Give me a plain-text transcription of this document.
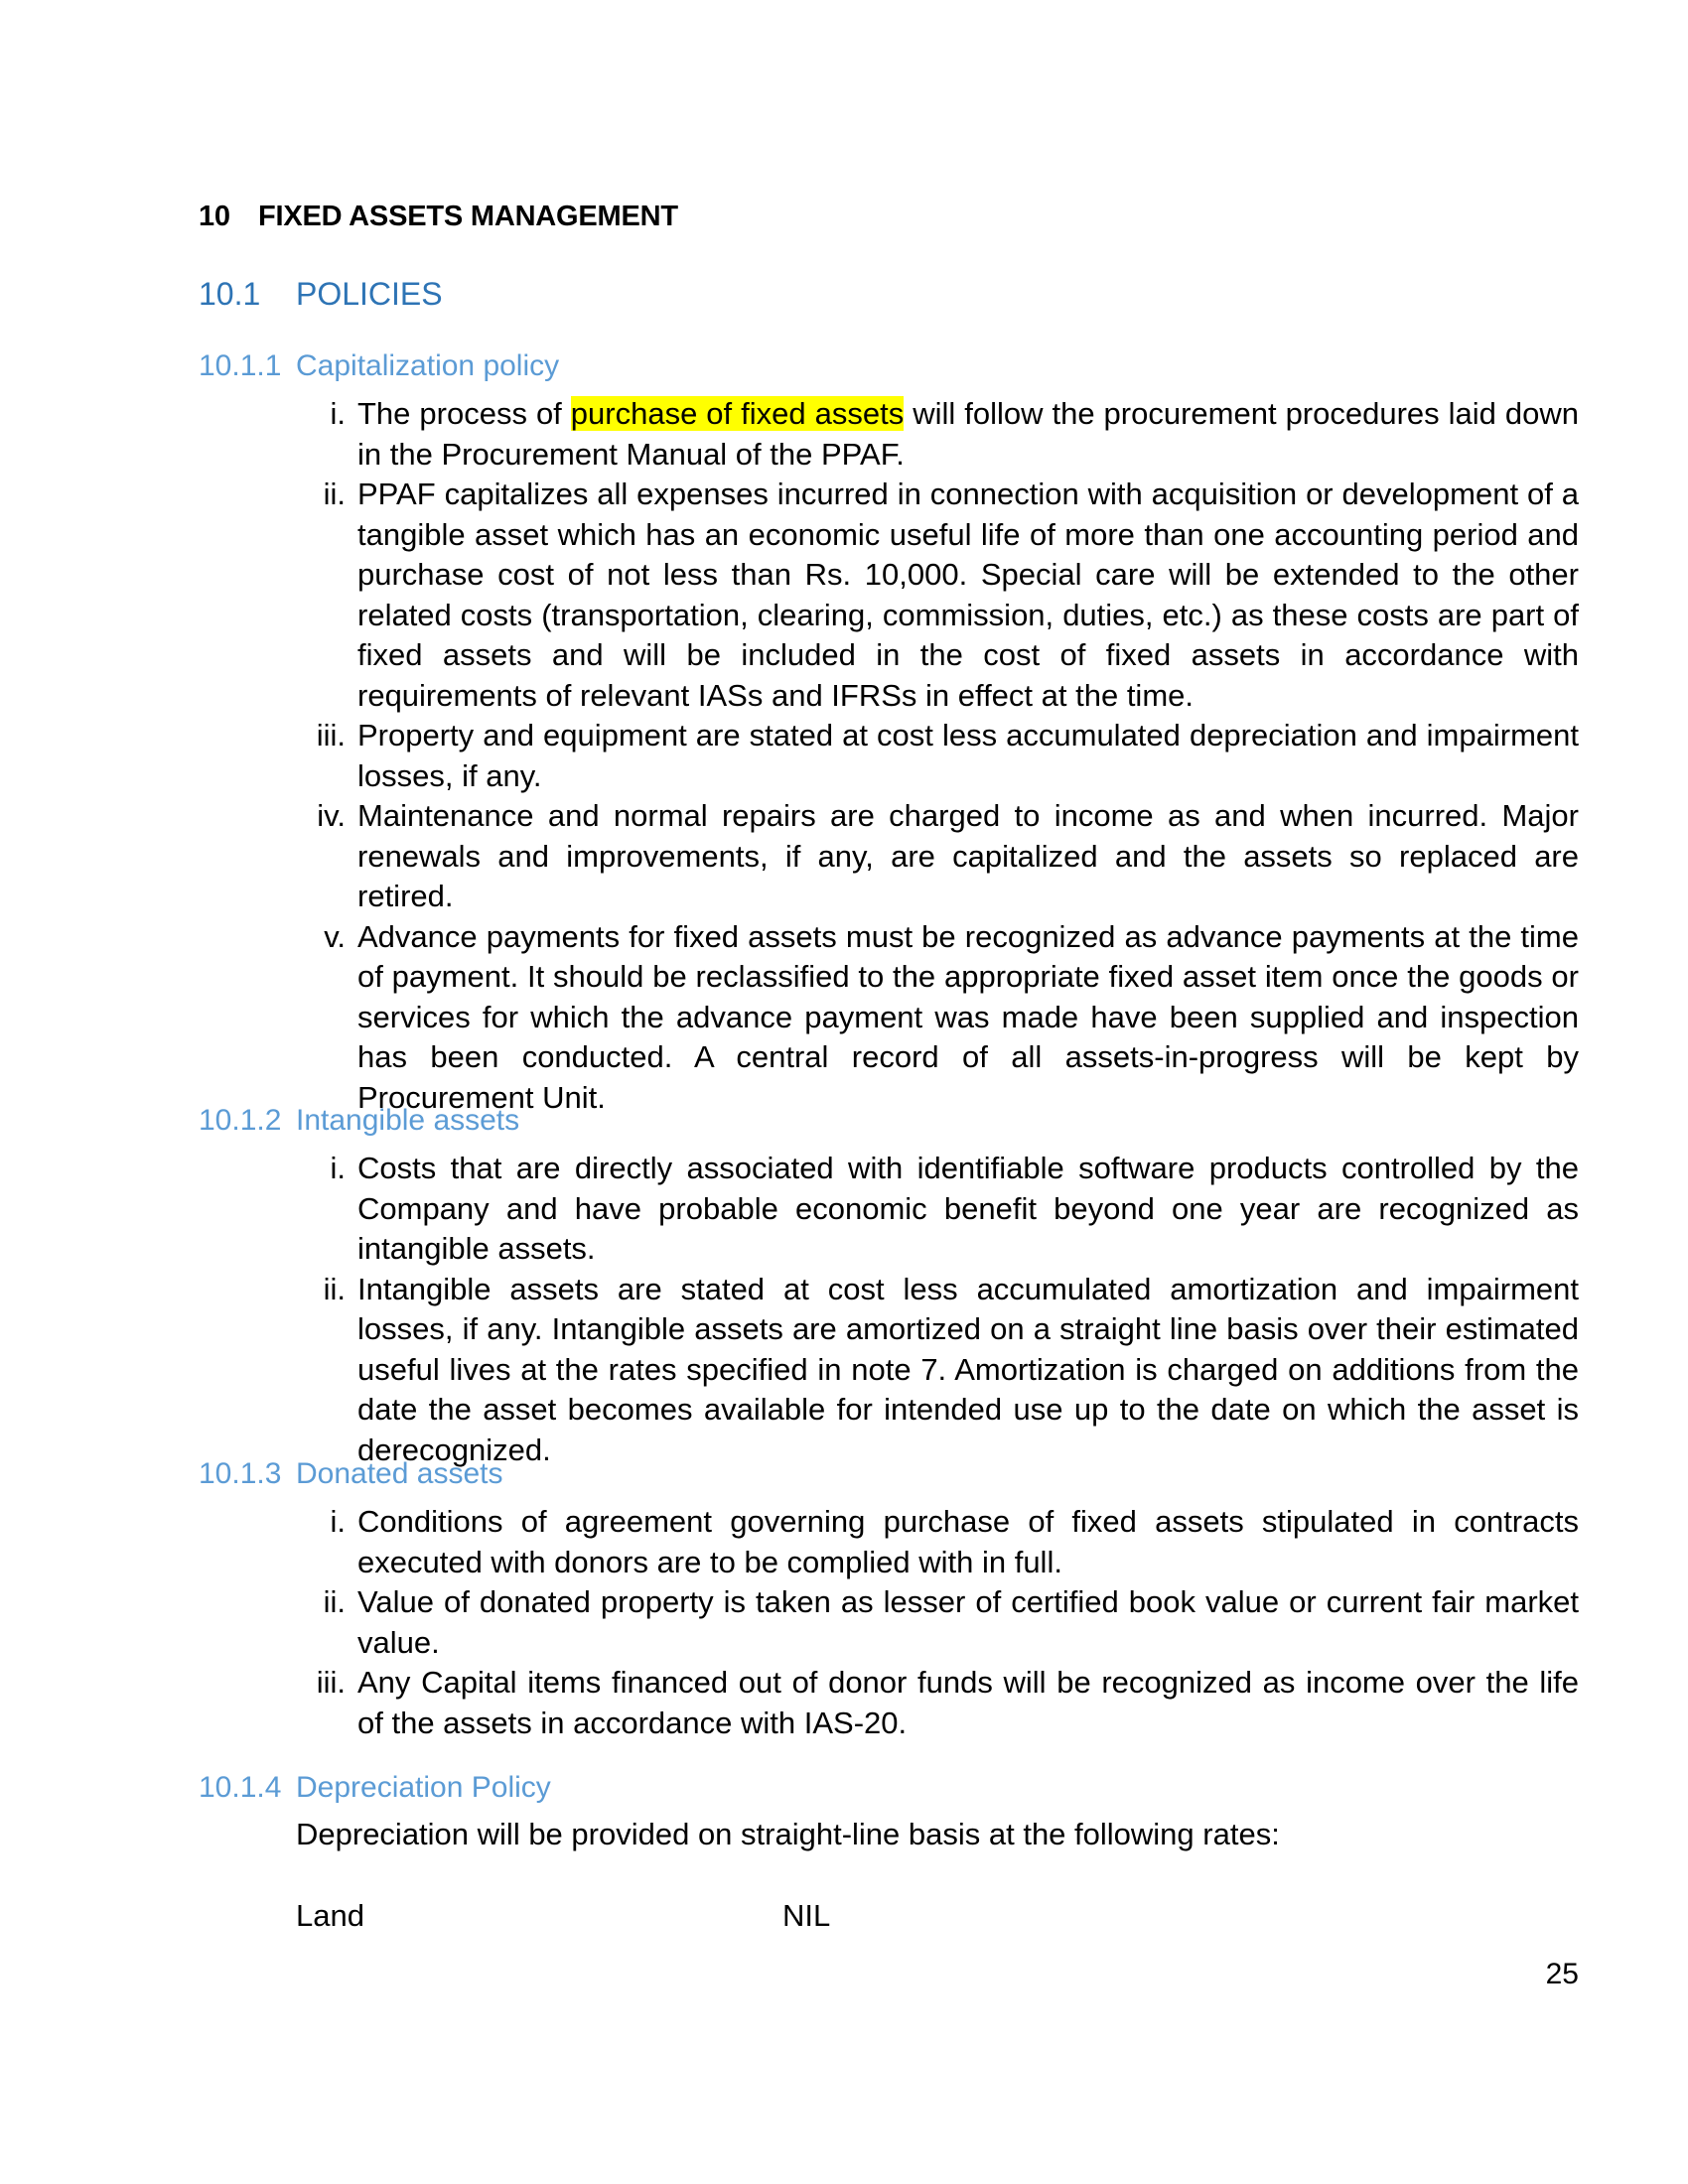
10 FIXED ASSETS MANAGEMENT
10.1 POLICIES
10.1.1 Capitalization policy
i. The process of purchase of fixed assets will follow the procurement procedures laid down in the Procurement Manual of the PPAF.
ii. PPAF capitalizes all expenses incurred in connection with acquisition or development of a tangible asset which has an economic useful life of more than one accounting period and purchase cost of not less than Rs. 10,000. Special care will be extended to the other related costs (transportation, clearing, commission, duties, etc.) as these costs are part of fixed assets and will be included in the cost of fixed assets in accordance with requirements of relevant IASs and IFRSs in effect at the time.
iii. Property and equipment are stated at cost less accumulated depreciation and impairment losses, if any.
iv. Maintenance and normal repairs are charged to income as and when incurred. Major renewals and improvements, if any, are capitalized and the assets so replaced are retired.
v. Advance payments for fixed assets must be recognized as advance payments at the time of payment. It should be reclassified to the appropriate fixed asset item once the goods or services for which the advance payment was made have been supplied and inspection has been conducted. A central record of all assets-in-progress will be kept by Procurement Unit.
10.1.2 Intangible assets
i. Costs that are directly associated with identifiable software products controlled by the Company and have probable economic benefit beyond one year are recognized as intangible assets.
ii. Intangible assets are stated at cost less accumulated amortization and impairment losses, if any. Intangible assets are amortized on a straight line basis over their estimated useful lives at the rates specified in note 7. Amortization is charged on additions from the date the asset becomes available for intended use up to the date on which the asset is derecognized.
10.1.3 Donated assets
i. Conditions of agreement governing purchase of fixed assets stipulated in contracts executed with donors are to be complied with in full.
ii. Value of donated property is taken as lesser of certified book value or current fair market value.
iii. Any Capital items financed out of donor funds will be recognized as income over the life of the assets in accordance with IAS-20.
10.1.4 Depreciation Policy
Depreciation will be provided on straight-line basis at the following rates:
Land	NIL
25
